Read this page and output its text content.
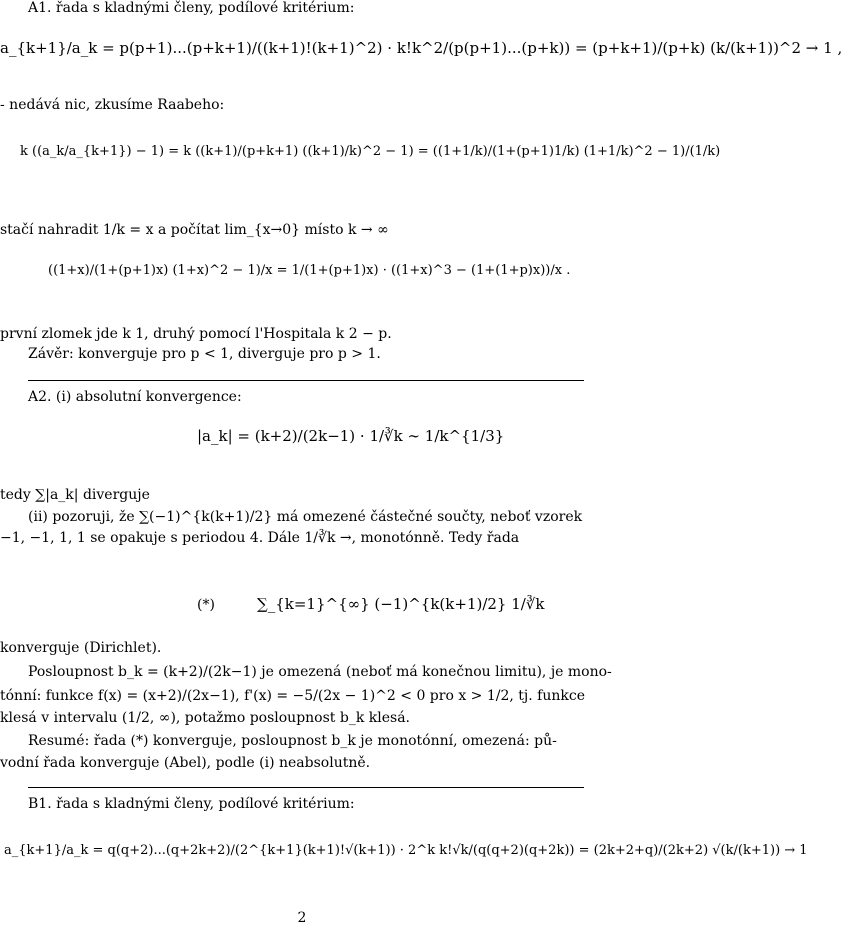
A1. řada s kladnými členy, podílové kritérium:
a_{k+1}/a_k = p(p+1)...(p+k+1)/((k+1)!(k+1)^2) · k!k^2/(p(p+1)...(p+k)) = (p+k+1)/(p+k) (k/(k+1))^2 → 1 ,
- nedává nic, zkusíme Raabeho:
k ((a_k/a_{k+1}) − 1) = k ((k+1)/(p+k+1) ((k+1)/k)^2 − 1) = ((1+1/k)/(1+(p+1)1/k) (1+1/k)^2 − 1)/(1/k)
stačí nahradit 1/k = x a počítat lim_{x→0} místo k → ∞
((1+x)/(1+(p+1)x) (1+x)^2 − 1)/x = 1/(1+(p+1)x) · ((1+x)^3 − (1+(1+p)x))/x .
první zlomek jde k 1, druhý pomocí l'Hospitala k 2 − p.
Závěr: konverguje pro p < 1, diverguje pro p > 1.
A2. (i) absolutní konvergence:
|a_k| = (k+2)/(2k−1) · 1/∛k ∼ 1/k^{1/3}
tedy ∑|a_k| diverguje
(ii) pozoruji, že ∑(−1)^{k(k+1)/2} má omezené částečné součty, neboť vzorek
−1, −1, 1, 1 se opakuje s periodou 4. Dále 1/∛k →, monotónně. Tedy řada
(*)	∑_{k=1}^{∞} (−1)^{k(k+1)/2} 1/∛k
konverguje (Dirichlet).
Posloupnost b_k = (k+2)/(2k−1) je omezená (neboť má konečnou limitu), je mono-
tónní: funkce f(x) = (x+2)/(2x−1), f'(x) = −5/(2x − 1)^2 < 0 pro x > 1/2, tj. funkce
klesá v intervalu (1/2, ∞), potažmo posloupnost b_k klesá.
Resumé: řada (*) konverguje, posloupnost b_k je monotónní, omezená: pů-
vodní řada konverguje (Abel), podle (i) neabsolutně.
B1. řada s kladnými členy, podílové kritérium:
a_{k+1}/a_k = q(q+2)...(q+2k+2)/(2^{k+1}(k+1)!√(k+1)) · 2^k k!√k/(q(q+2)(q+2k)) = (2k+2+q)/(2k+2) √(k/(k+1)) → 1
2
